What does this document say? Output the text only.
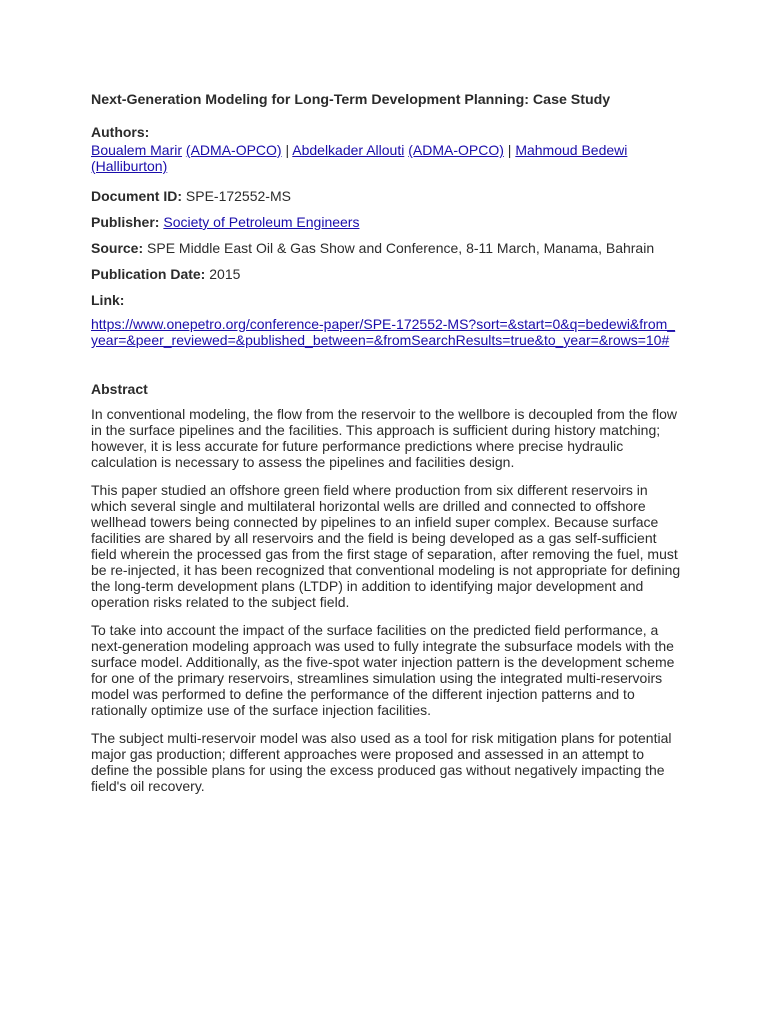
Next-Generation Modeling for Long-Term Development Planning: Case Study
Authors:
Boualem Marir (ADMA-OPCO) | Abdelkader Allouti (ADMA-OPCO) | Mahmoud Bedewi (Halliburton)
Document ID: SPE-172552-MS
Publisher: Society of Petroleum Engineers
Source: SPE Middle East Oil & Gas Show and Conference, 8-11 March, Manama, Bahrain
Publication Date: 2015
Link:
https://www.onepetro.org/conference-paper/SPE-172552-MS?sort=&start=0&q=bedewi&from_year=&peer_reviewed=&published_between=&fromSearchResults=true&to_year=&rows=10#
Abstract
In conventional modeling, the flow from the reservoir to the wellbore is decoupled from the flow in the surface pipelines and the facilities. This approach is sufficient during history matching; however, it is less accurate for future performance predictions where precise hydraulic calculation is necessary to assess the pipelines and facilities design.
This paper studied an offshore green field where production from six different reservoirs in which several single and multilateral horizontal wells are drilled and connected to offshore wellhead towers being connected by pipelines to an infield super complex. Because surface facilities are shared by all reservoirs and the field is being developed as a gas self-sufficient field wherein the processed gas from the first stage of separation, after removing the fuel, must be re-injected, it has been recognized that conventional modeling is not appropriate for defining the long-term development plans (LTDP) in addition to identifying major development and operation risks related to the subject field.
To take into account the impact of the surface facilities on the predicted field performance, a next-generation modeling approach was used to fully integrate the subsurface models with the surface model. Additionally, as the five-spot water injection pattern is the development scheme for one of the primary reservoirs, streamlines simulation using the integrated multi-reservoirs model was performed to define the performance of the different injection patterns and to rationally optimize use of the surface injection facilities.
The subject multi-reservoir model was also used as a tool for risk mitigation plans for potential major gas production; different approaches were proposed and assessed in an attempt to define the possible plans for using the excess produced gas without negatively impacting the field's oil recovery.
